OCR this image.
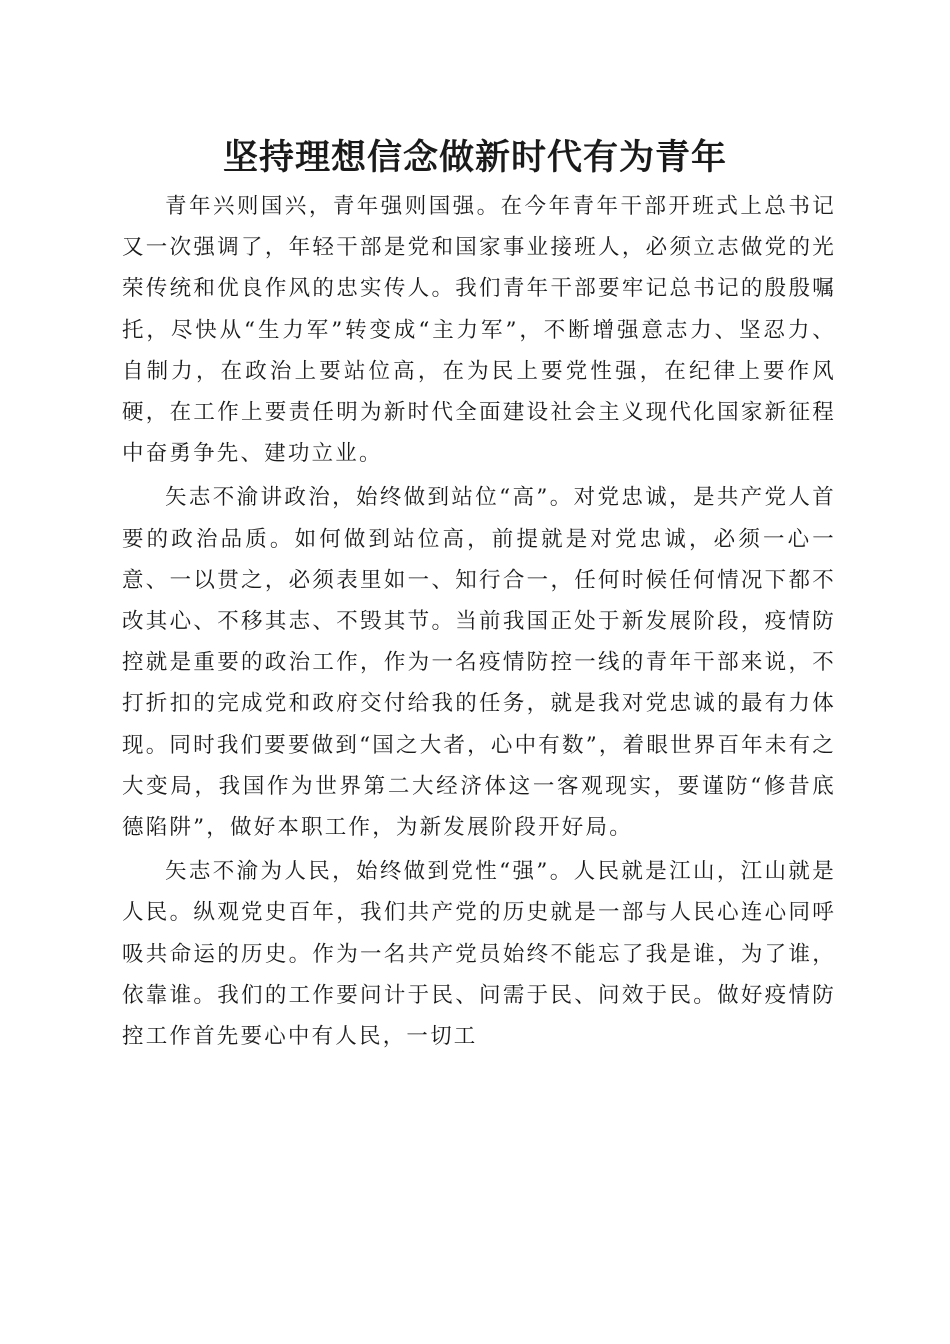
坚持理想信念做新时代有为青年

青年兴则国兴，青年强则国强。在今年青年干部开班式上总书记又一次强调了，年轻干部是党和国家事业接班人，必须立志做党的光荣传统和优良作风的忠实传人。我们青年干部要牢记总书记的殷殷嘱托，尽快从“生力军”转变成“主力军”，不断增强意志力、坚忍力、自制力，在政治上要站位高，在为民上要党性强，在纪律上要作风硬，在工作上要责任明为新时代全面建设社会主义现代化国家新征程中奋勇争先、建功立业。

矢志不渝讲政治，始终做到站位“高”。对党忠诚，是共产党人首要的政治品质。如何做到站位高，前提就是对党忠诚，必须一心一意、一以贯之，必须表里如一、知行合一，任何时候任何情况下都不改其心、不移其志、不毁其节。当前我国正处于新发展阶段，疫情防控就是重要的政治工作，作为一名疫情防控一线的青年干部来说，不打折扣的完成党和政府交付给我的任务，就是我对党忠诚的最有力体现。同时我们要要做到“国之大者，心中有数”，着眼世界百年未有之大变局，我国作为世界第二大经济体这一客观现实，要谨防“修昔底德陷阱”，做好本职工作，为新发展阶段开好局。

矢志不渝为人民，始终做到党性“强”。人民就是江山，江山就是人民。纵观党史百年，我们共产党的历史就是一部与人民心连心同呼吸共命运的历史。作为一名共产党员始终不能忘了我是谁，为了谁，依靠谁。我们的工作要问计于民、问需于民、问效于民。做好疫情防控工作首先要心中有人民，一切工
